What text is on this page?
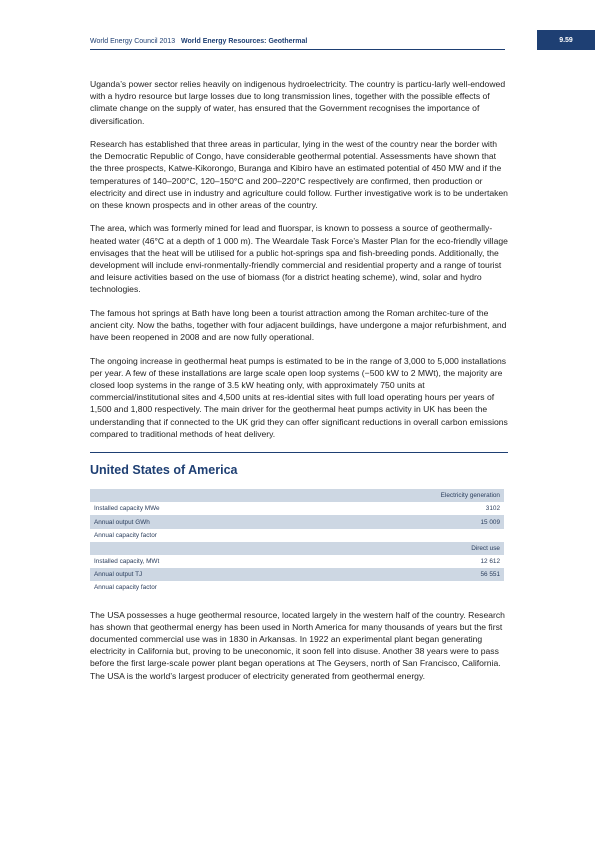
World Energy Council 2013 World Energy Resources: Geothermal	9.59

Uganda’s power sector relies heavily on indigenous hydroelectricity. The country is particu-larly well-endowed with a hydro resource but large losses due to long transmission lines, together with the possible effects of climate change on the supply of water, has ensured that the Government recognises the importance of diversification.

Research has established that three areas in particular, lying in the west of the country near the border with the Democratic Republic of Congo, have considerable geothermal potential. Assessments have shown that the three prospects, Katwe-Kikorongo, Buranga and Kibiro have an estimated potential of 450 MW and if the temperatures of 140–200°C, 120–150°C and 200–220°C respectively are confirmed, then production or electricity and direct use in industry and agriculture could follow. Further investigative work is to be undertaken on these known prospects and in other areas of the country.

The area, which was formerly mined for lead and fluorspar, is known to possess a source of geothermally-heated water (46°C at a depth of 1 000 m). The Weardale Task Force’s Master Plan for the eco-friendly village envisages that the heat will be utilised for a public hot-springs spa and fish-breeding ponds. Additionally, the development will include envi-ronmentally-friendly commercial and residential property and a range of tourist and leisure activities based on the use of biomass (for a district heating scheme), wind, solar and hydro technologies.

The famous hot springs at Bath have long been a tourist attraction among the Roman architec-ture of the ancient city. Now the baths, together with four adjacent buildings, have undergone a major refurbishment, and have been reopened in 2008 and are now fully operational.

The ongoing increase in geothermal heat pumps is estimated to be in the range of 3,000 to 5,000 installations per year. A few of these installations are large scale open loop systems (−500 kW to 2 MWt), the majority are closed loop systems in the range of 3.5 kW heating only, with approximately 750 units at commercial/institutional sites and 4,500 units at res-idential sites with full load operating hours per years of 1,500 and 1,800 respectively. The main driver for the geothermal heat pumps activity in UK has been the understanding that if connected to the UK grid they can offer significant reductions in overall carbon emissions compared to traditional methods of heat delivery.

United States of America
	Electricity generation
Installed capacity MWe	3102
Annual output GWh	15 009
Annual capacity factor	
	Direct use
Installed capacity, MWt	12 612
Annual output TJ	56 551
Annual capacity factor	

The USA possesses a huge geothermal resource, located largely in the western half of the country. Research has shown that geothermal energy has been used in North America for many thousands of years but the first documented commercial use was in 1830 in Arkansas. In 1922 an experimental plant began generating electricity in California but, proving to be uneconomic, it soon fell into disuse. Another 38 years were to pass before the first large-scale power plant began operations at The Geysers, north of San Francisco, California. The USA is the world’s largest producer of electricity generated from geothermal energy.
